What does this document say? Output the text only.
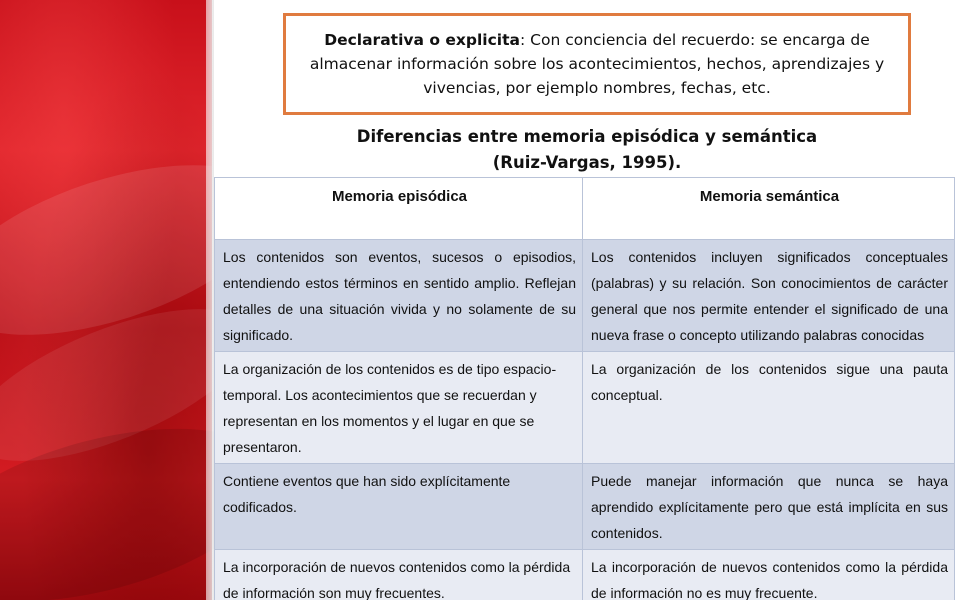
Declarativa o explicita: Con conciencia del recuerdo: se encarga de almacenar información sobre los acontecimientos, hechos, aprendizajes y vivencias, por ejemplo nombres, fechas, etc.
Diferencias entre memoria episódica y semántica
(Ruiz-Vargas, 1995).
Memoria episódica	Memoria semántica
Los contenidos son eventos, sucesos o episodios, entendiendo estos términos en sentido amplio. Reflejan detalles de una situación vivida y no solamente de su significado.	Los contenidos incluyen significados conceptuales (palabras) y su relación. Son conocimientos de carácter general que nos permite entender el significado de una nueva frase o concepto utilizando palabras conocidas
La organización de los contenidos es de tipo espacio-temporal. Los acontecimientos que se recuerdan y representan en los momentos y el lugar en que se presentaron.	La organización de los contenidos sigue una pauta conceptual.
Contiene eventos que han sido explícitamente codificados.	Puede manejar información que nunca se haya aprendido explícitamente pero que está implícita en sus contenidos.
La incorporación de nuevos contenidos como la pérdida de información son muy frecuentes.	La incorporación de nuevos contenidos como la pérdida de información no es muy frecuente.
